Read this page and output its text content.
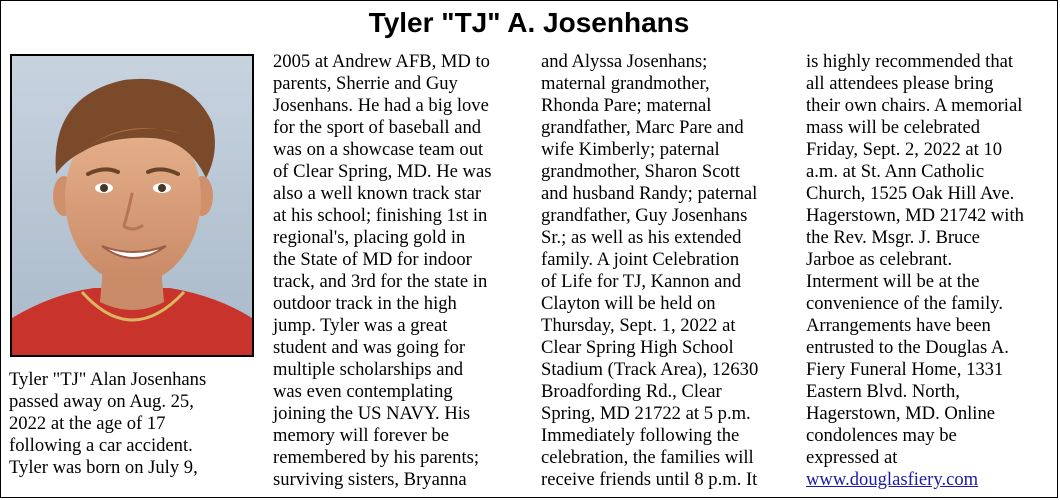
Tyler "TJ" A. Josenhans

Tyler "TJ" Alan Josenhans
passed away on Aug. 25,
2022 at the age of 17
following a car accident.
Tyler was born on July 9,

2005 at Andrew AFB, MD to
parents, Sherrie and Guy
Josenhans. He had a big love
for the sport of baseball and
was on a showcase team out
of Clear Spring, MD. He was
also a well known track star
at his school; finishing 1st in
regional's, placing gold in
the State of MD for indoor
track, and 3rd for the state in
outdoor track in the high
jump. Tyler was a great
student and was going for
multiple scholarships and
was even contemplating
joining the US NAVY. His
memory will forever be
remembered by his parents;
surviving sisters, Bryanna

and Alyssa Josenhans;
maternal grandmother,
Rhonda Pare; maternal
grandfather, Marc Pare and
wife Kimberly; paternal
grandmother, Sharon Scott
and husband Randy; paternal
grandfather, Guy Josenhans
Sr.; as well as his extended
family. A joint Celebration
of Life for TJ, Kannon and
Clayton will be held on
Thursday, Sept. 1, 2022 at
Clear Spring High School
Stadium (Track Area), 12630
Broadfording Rd., Clear
Spring, MD 21722 at 5 p.m.
Immediately following the
celebration, the families will
receive friends until 8 p.m. It

is highly recommended that
all attendees please bring
their own chairs. A memorial
mass will be celebrated
Friday, Sept. 2, 2022 at 10
a.m. at St. Ann Catholic
Church, 1525 Oak Hill Ave.
Hagerstown, MD 21742 with
the Rev. Msgr. J. Bruce
Jarboe as celebrant.
Interment will be at the
convenience of the family.
Arrangements have been
entrusted to the Douglas A.
Fiery Funeral Home, 1331
Eastern Blvd. North,
Hagerstown, MD. Online
condolences may be
expressed at
www.douglasfiery.com
